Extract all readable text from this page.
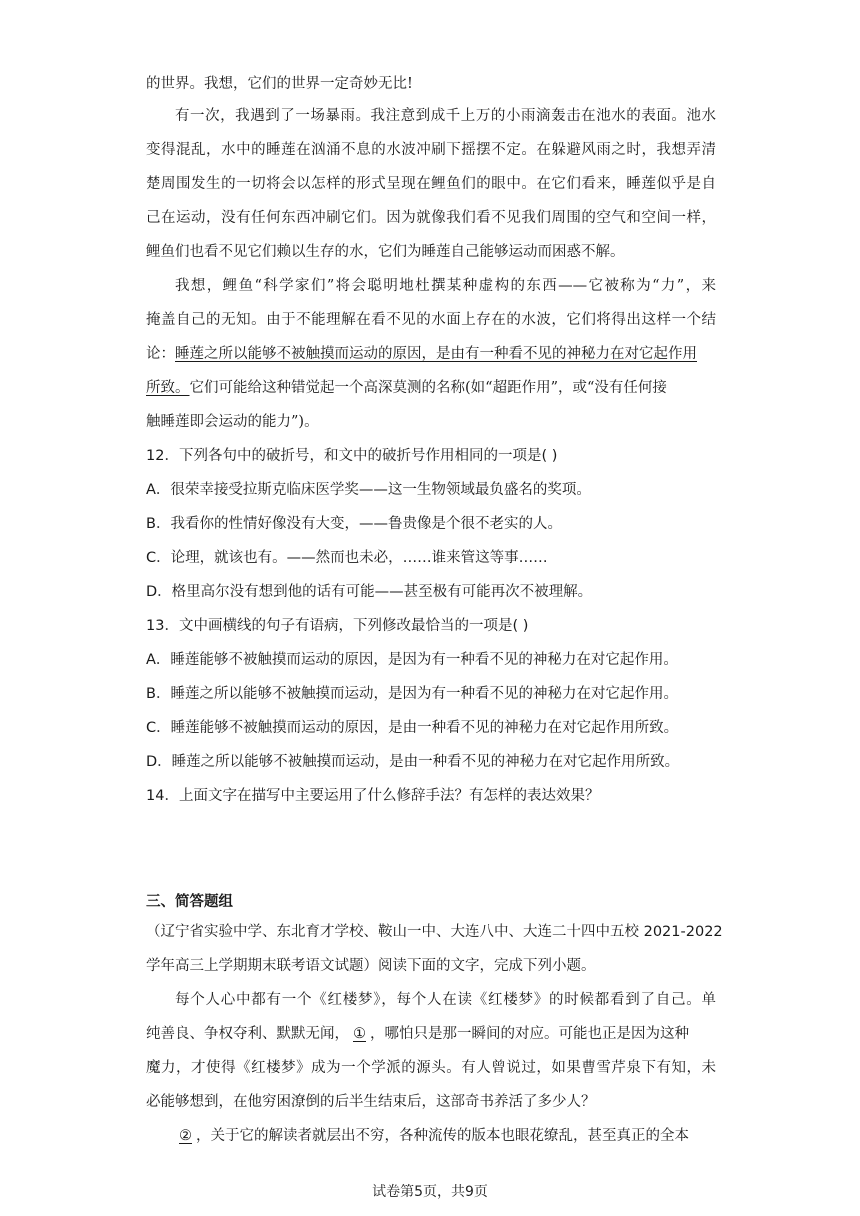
的世界。我想，它们的世界一定奇妙无比!
有一次，我遇到了一场暴雨。我注意到成千上万的小雨滴轰击在池水的表面。池水
变得混乱，水中的睡莲在汹涌不息的水波冲刷下摇摆不定。在躲避风雨之时，我想弄清
楚周围发生的一切将会以怎样的形式呈现在鲤鱼们的眼中。在它们看来，睡莲似乎是自
己在运动，没有任何东西冲刷它们。因为就像我们看不见我们周围的空气和空间一样，
鲤鱼们也看不见它们赖以生存的水，它们为睡莲自己能够运动而困惑不解。
我想，鲤鱼“科学家们”将会聪明地杜撰某种虚构的东西——它被称为“力”，来
掩盖自己的无知。由于不能理解在看不见的水面上存在的水波，它们将得出这样一个结
论：睡莲之所以能够不被触摸而运动的原因，是由有一种看不见的神秘力在对它起作用
所致。它们可能给这种错觉起一个高深莫测的名称(如“超距作用”，或“没有任何接
触睡莲即会运动的能力”)。
12．下列各句中的破折号，和文中的破折号作用相同的一项是( )
A．很荣幸接受拉斯克临床医学奖——这一生物领域最负盛名的奖项。
B．我看你的性情好像没有大变，——鲁贵像是个很不老实的人。
C．论理，就该也有。——然而也未必，……谁来管这等事……
D．格里高尔没有想到他的话有可能——甚至极有可能再次不被理解。
13．文中画横线的句子有语病，下列修改最恰当的一项是( )
A．睡莲能够不被触摸而运动的原因，是因为有一种看不见的神秘力在对它起作用。
B．睡莲之所以能够不被触摸而运动，是因为有一种看不见的神秘力在对它起作用。
C．睡莲能够不被触摸而运动的原因，是由一种看不见的神秘力在对它起作用所致。
D．睡莲之所以能够不被触摸而运动，是由一种看不见的神秘力在对它起作用所致。
14．上面文字在描写中主要运用了什么修辞手法？有怎样的表达效果？
三、简答题组
（辽宁省实验中学、东北育才学校、鞍山一中、大连八中、大连二十四中五校 2021-2022
学年高三上学期期末联考语文试题）阅读下面的文字，完成下列小题。
每个人心中都有一个《红楼梦》，每个人在读《红楼梦》的时候都看到了自己。单
纯善良、争权夺利、默默无闻， ① ，哪怕只是那一瞬间的对应。可能也正是因为这种
魔力，才使得《红楼梦》成为一个学派的源头。有人曾说过，如果曹雪芹泉下有知，未
必能够想到，在他穷困潦倒的后半生结束后，这部奇书养活了多少人？
② ，关于它的解读者就层出不穷，各种流传的版本也眼花缭乱，甚至真正的全本
试卷第5页，共9页
